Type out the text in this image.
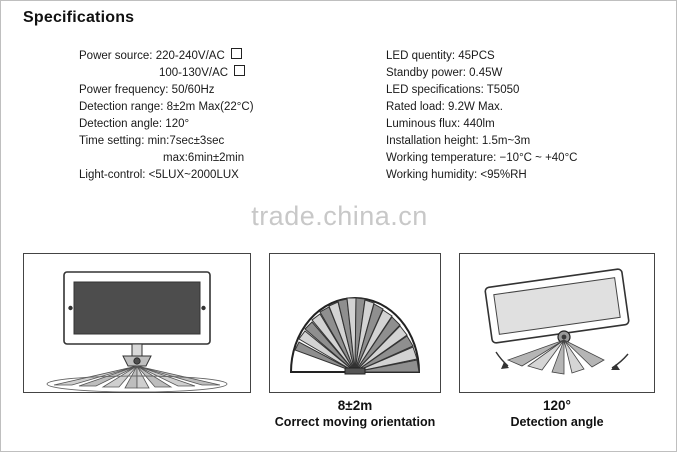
Specifications
Power source: 220-240V/AC
100-130V/AC
Power frequency: 50/60Hz
Detection range: 8±2m Max(22°C)
Detection angle: 120°
Time setting: min:7sec±3sec
max:6min±2min
Light-control: <5LUX~2000LUX
LED quentity: 45PCS
Standby power: 0.45W
LED specifications: T5050
Rated load: 9.2W Max.
Luminous flux: 440lm
Installation height: 1.5m~3m
Working temperature: −10°C ~ +40°C
Working humidity: <95%RH
trade.china.cn
8±2m
Correct moving orientation
120°
Detection angle
